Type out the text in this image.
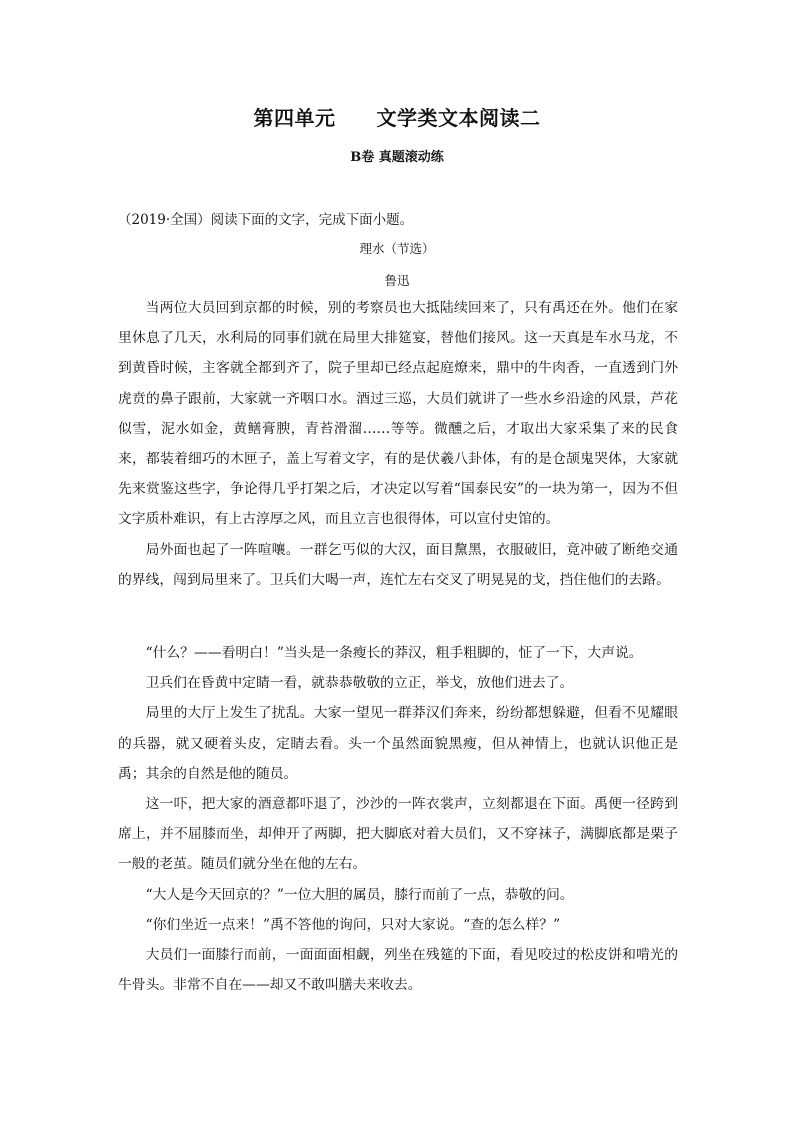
第四单元　　文学类文本阅读二
B卷 真题滚动练
（2019·全国）阅读下面的文字，完成下面小题。
理水（节选）
鲁迅

当两位大员回到京都的时候，别的考察员也大抵陆续回来了，只有禹还在外。他们在家里休息了几天，水利局的同事们就在局里大排筵宴，替他们接风。这一天真是车水马龙，不到黄昏时候，主客就全都到齐了，院子里却已经点起庭燎来，鼎中的牛肉香，一直透到门外虎贲的鼻子跟前，大家就一齐咽口水。酒过三巡，大员们就讲了一些水乡沿途的风景，芦花似雪，泥水如金，黄鳝膏腴，青苔滑溜……等等。微醺之后，才取出大家采集了来的民食来，都装着细巧的木匣子，盖上写着文字，有的是伏羲八卦体，有的是仓颉鬼哭体，大家就先来赏鉴这些字，争论得几乎打架之后，才决定以写着“国泰民安”的一块为第一，因为不但文字质朴难识，有上古淳厚之风，而且立言也很得体，可以宣付史馆的。

局外面也起了一阵喧嚷。一群乞丐似的大汉，面目黧黑，衣服破旧，竟冲破了断绝交通的界线，闯到局里来了。卫兵们大喝一声，连忙左右交叉了明晃晃的戈，挡住他们的去路。

“什么？——看明白！”当头是一条瘦长的莽汉，粗手粗脚的，怔了一下，大声说。

卫兵们在昏黄中定睛一看，就恭恭敬敬的立正，举戈，放他们进去了。

局里的大厅上发生了扰乱。大家一望见一群莽汉们奔来，纷纷都想躲避，但看不见耀眼的兵器，就又硬着头皮，定睛去看。头一个虽然面貌黑瘦，但从神情上，也就认识他正是禹；其余的自然是他的随员。

这一吓，把大家的酒意都吓退了，沙沙的一阵衣裳声，立刻都退在下面。禹便一径跨到席上，并不屈膝而坐，却伸开了两脚，把大脚底对着大员们，又不穿袜子，满脚底都是栗子一般的老茧。随员们就分坐在他的左右。

“大人是今天回京的？”一位大胆的属员，膝行而前了一点，恭敬的问。

“你们坐近一点来！”禹不答他的询问，只对大家说。“查的怎么样？”

大员们一面膝行而前，一面面面相觑，列坐在残筵的下面，看见咬过的松皮饼和啃光的牛骨头。非常不自在——却又不敢叫膳夫来收去。
